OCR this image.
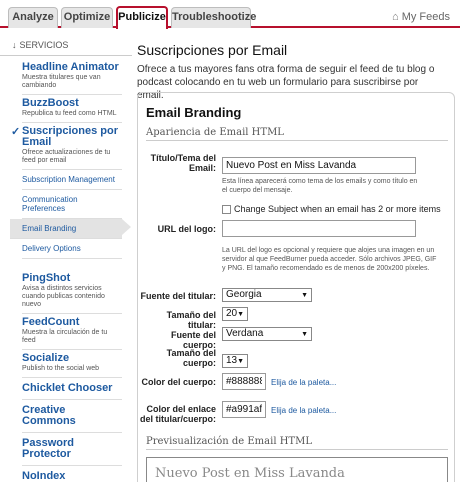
Analyze Optimize Publicize Troubleshootize	⌂ My Feeds
↓ SERVICIOS
Headline Animator
Muestra titulares que van cambiando
BuzzBoost
Republica tu feed como HTML
✓ Suscripciones por Email
Ofrece actualizaciones de tu feed por email
Subscription Management
Communication Preferences
Email Branding
Delivery Options
PingShot
Avisa a distintos servicios cuando publicas contenido nuevo
FeedCount
Muestra la circulación de tu feed
Socialize
Publish to the social web
Chicklet Chooser
Creative Commons
Password Protector
NoIndex
Suscripciones por Email
Ofrece a tus mayores fans otra forma de seguir el feed de tu blog o podcast colocando en tu web un formulario para suscribirse por email.
Email Branding
Apariencia de Email HTML
Título/Tema del Email:
Nuevo Post en Miss Lavanda
Esta línea aparecerá como tema de los emails y como título en el cuerpo del mensaje.
Change Subject when an email has 2 or more items
URL del logo:
La URL del logo es opcional y requiere que alojes una imagen en un servidor al que FeedBurner pueda acceder. Sólo archivos JPEG, GIF y PNG. El tamaño recomendado es de menos de 200x200 píxeles.
Fuente del titular:	Georgia	▼
Tamaño del titular:
20 ▼
Fuente del cuerpo:
Verdana	▼
Tamaño del cuerpo:	13 ▼
Color del cuerpo:
#888888	Elija de la paleta...
Color del enlace del titular/cuerpo:
#a991af
Elija de la paleta...
Previsualización de Email HTML
Nuevo Post en Miss Lavanda
